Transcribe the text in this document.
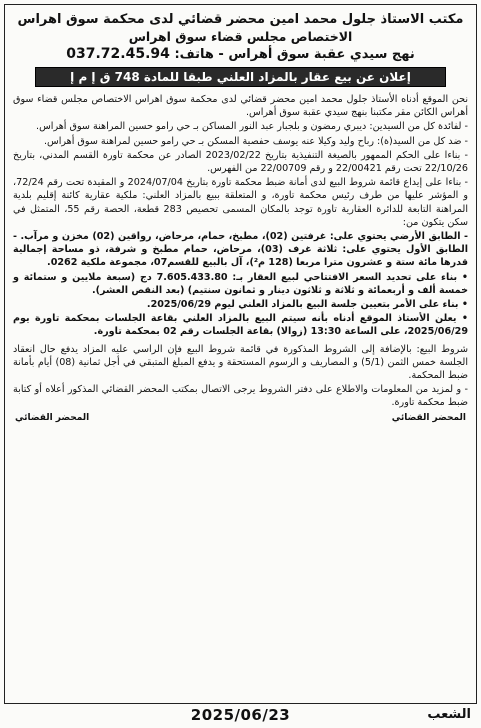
مكتب الاستاذ جلول محمد امين محضر قضائي لدى محكمة سوق اهراس
الاختصاص مجلس قضاء سوق اهراس
نهج سيدي عقبة سوق أهراس - هاتف: 037.72.45.94
إعلان عن بيع عقار بالمزاد العلني طبقا للمادة 748 ق إ م إ

نحن الموقع أدناه الأستاذ جلول محمد امين محضر قضائي لدى محكمة سوق اهراس الاختصاص مجلس قضاء سوق أهراس الكائن مقر مكتبنا بنهج سيدي عقبة سوق أهراس.

- لفائدة كل من السيدين: ديبري رمضون و بلجبار عبد النور المساكن بـ حي رامو حسين المراهنة سوق أهراس.

- ضد كل من السيد(ة): رباح وليد وكيلا عنه يوسف حفصية المسكن بـ حي رامو حسين لمراهنة سوق أهراس.

- بناءا على الحكم الممهور بالصيغة التنفيذية بتاريخ 2023/02/22 الصادر عن محكمة تاورة القسم المدني، بتاريخ 22/10/26 تحت رقم 22/00421 و رقم 22/00709 من الفهرس.

- بناءا على إيداع قائمة شروط البيع لدى أمانة ضبط محكمة تاورة بتاريخ 2024/07/04 و المقيدة تحت رقم 72/24، و المؤشر عليها من طرف رئيس محكمة تاورة، و المتعلقة ببيع بالمزاد العلني: ملكية عقارية كائنة إقليم بلدية المراهنة التابعة للدائرة العقارية تاورة توجد بالمكان المسمى تحصيص 283 قطعة، الحصة رقم 55، المتمثل في سكن يتكون من:

- الطابق الأرضي يحتوي على: غرفتين (02)، مطبخ، حمام، مرحاض، رواقين (02) مخزن و مرآب. - الطابق الأول يحتوي على: ثلاثة غرف (03)، مرحاض، حمام مطبخ و شرفة، ذو مساحة إجمالية قدرها مائة ستة و عشرون مترا مربعا (128 م²)، آل بالبيع للقسم07، مجموعة ملكية 0262.

• بناء على تحديد السعر الافتتاحي لبيع العقار بـ: 7.605.433.80 دج (سبعة ملايين و ستمائة و خمسة ألف و أربعمائة و ثلاثة و ثلاثون دينار و ثمانون سنتيم) (بعد النقص العشر).

• بناء على الأمر بتعيين جلسة البيع بالمزاد العلني ليوم 2025/06/29.

• يعلن الأستاذ الموقع أدناه بأنه سيتم البيع بالمزاد العلني بقاعة الجلسات بمحكمة تاورة يوم 2025/06/29، على الساعة 13:30 (زوالا) بقاعة الجلسات رقم 02 بمحكمة تاورة.

شروط البيع: بالإضافة إلى الشروط المذكورة في قائمة شروط البيع فإن الراسي عليه المزاد يدفع حال انعقاد الجلسة خمس الثمن (5/1) و المصاريف و الرسوم المستحقة و يدفع المبلغ المتبقي في أجل ثمانية (08) أيام بأمانة ضبط المحكمة.

- و لمزيد من المعلومات والاطلاع على دفتر الشروط يرجى الاتصال بمكتب المحضر القضائي المذكور أعلاه أو كتابة ضبط محكمة تاورة.

المحضر القضائي
المحضر القضائي
2025/06/23	الشعب
